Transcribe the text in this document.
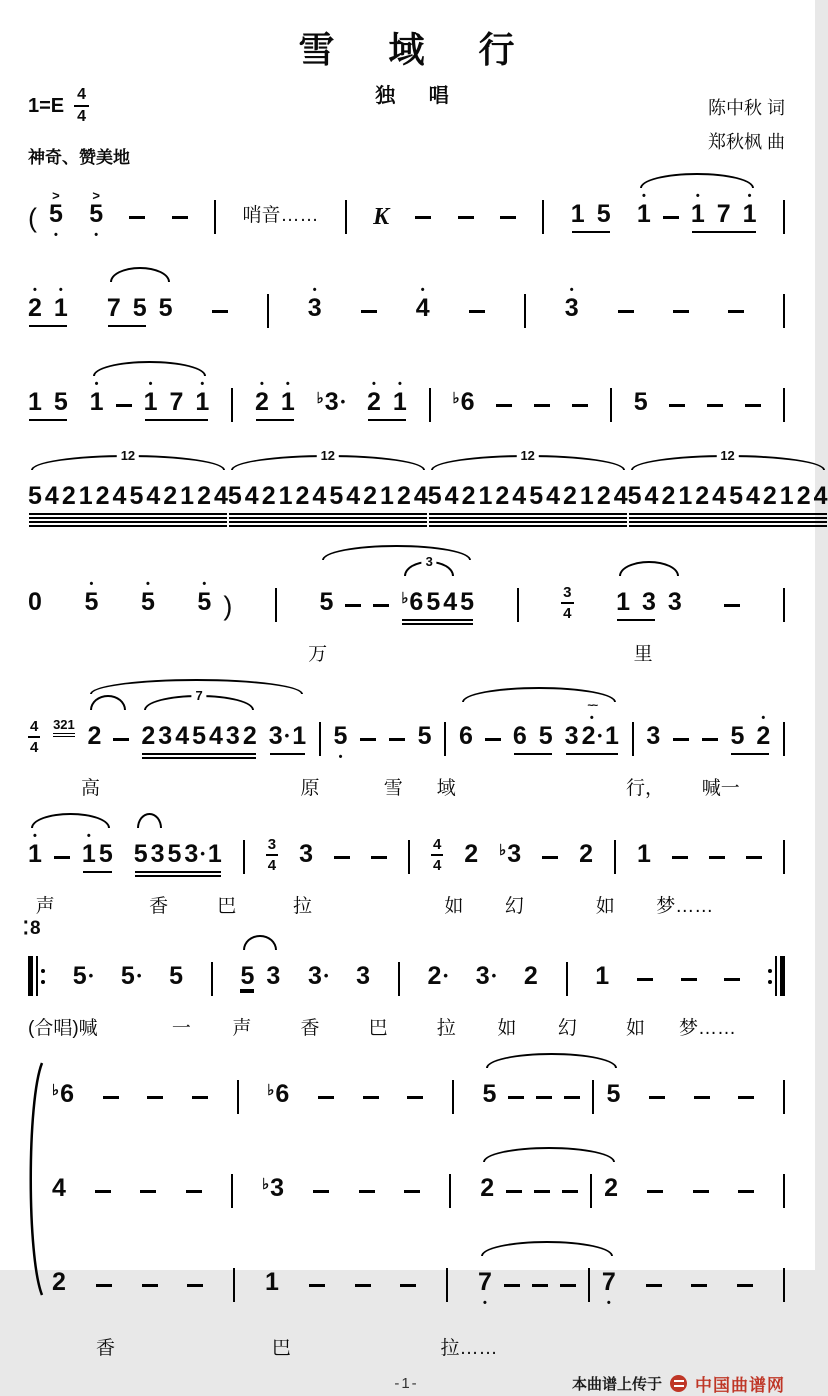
雪 域 行
$1=E \frac{4}{4}$
神奇、赞美地
独 唱
陈中秋 词
郑秋枫 曲
(
>
5
•
>
5
•
哨音…… K	1 5
•
1
•
1 7
•
1
•
2
•
1 7 5 5
•
3
•
4
•
3
1 5
•
1
•
1 7
•
1
•
2
•
1 ♭ 3 •
•
2
•
1	♭ 6	5
12
5 4 2 1 2 4 5 4 2 1 2 4
12
5 4 2 1 2 4 5 4 2 1 2 4
12
5 4 2 1 2 4 5 4 2 1 2 4
12
5 4 2 1 2 4 5 4 2 1 2 4
0
•
5
•
5
•
5 )	5
3
♭ 6 5 4 5	$\frac{3}{4} 1$ 3 3
万	里
$\frac{4}{4} 321$ 2
7
2 3 4 5 4 3 2 3 • 1 5
•
5 6 6 5 3
~~
•
2 • 1 3	5
•
2
高	原	雪 域	行， 喊一
•
1
•
1 5 5 3 5 3 • 1	$\frac{3}{4} 3$	$\frac{4}{4} 2$ ♭ 3 2 1
声	香	巴	拉	如 幻	如 梦……
· 8 ·
5 • 5 • 5 5 3 3 • 3 2 • 3 • 2 1
(合唱)喊	一 声	香	巴	拉 如 幻	如 梦……
♭ 6	♭ 6	5	5
4	♭ 3	2	2
2	1	7
•
7
•
香	巴	拉……
-1-	本曲谱上传于 中国曲谱网
